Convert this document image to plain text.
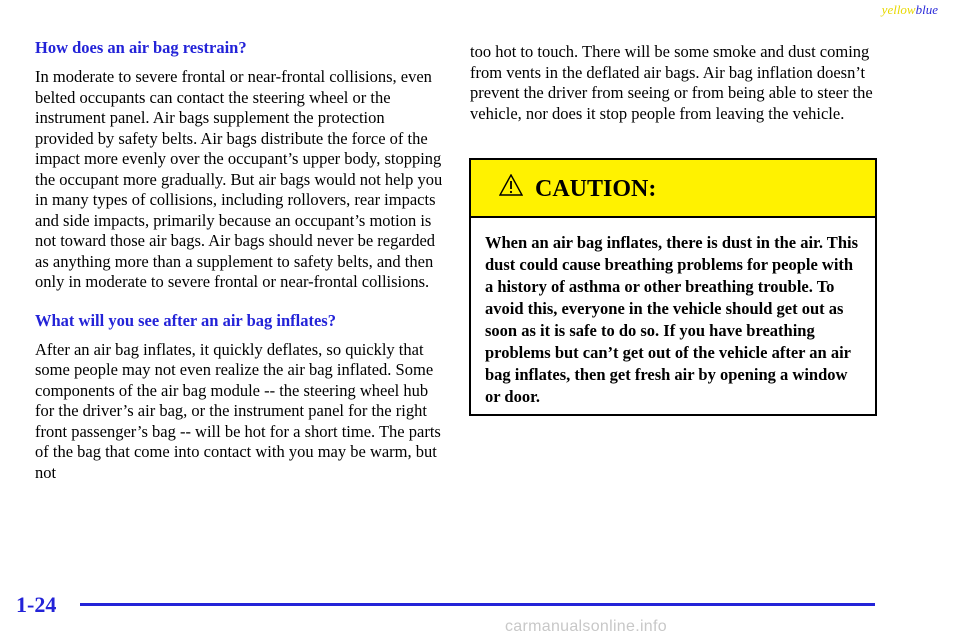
yellowblue
How does an air bag restrain?
In moderate to severe frontal or near-frontal collisions, even belted occupants can contact the steering wheel or the instrument panel. Air bags supplement the protection provided by safety belts. Air bags distribute the force of the impact more evenly over the occupant’s upper body, stopping the occupant more gradually. But air bags would not help you in many types of collisions, including rollovers, rear impacts and side impacts, primarily because an occupant’s motion is not toward those air bags. Air bags should never be regarded as anything more than a supplement to safety belts, and then only in moderate to severe frontal or near-frontal collisions.
What will you see after an air bag inflates?
After an air bag inflates, it quickly deflates, so quickly that some people may not even realize the air bag inflated. Some components of the air bag module -- the steering wheel hub for the driver’s air bag, or the instrument panel for the right front passenger’s bag -- will be hot for a short time. The parts of the bag that come into contact with you may be warm, but not
too hot to touch. There will be some smoke and dust coming from vents in the deflated air bags. Air bag inflation doesn’t prevent the driver from seeing or from being able to steer the vehicle, nor does it stop people from leaving the vehicle.
CAUTION:
When an air bag inflates, there is dust in the air. This dust could cause breathing problems for people with a history of asthma or other breathing trouble. To avoid this, everyone in the vehicle should get out as soon as it is safe to do so. If you have breathing problems but can’t get out of the vehicle after an air bag inflates, then get fresh air by opening a window or door.
1-24
carmanualsonline.info
